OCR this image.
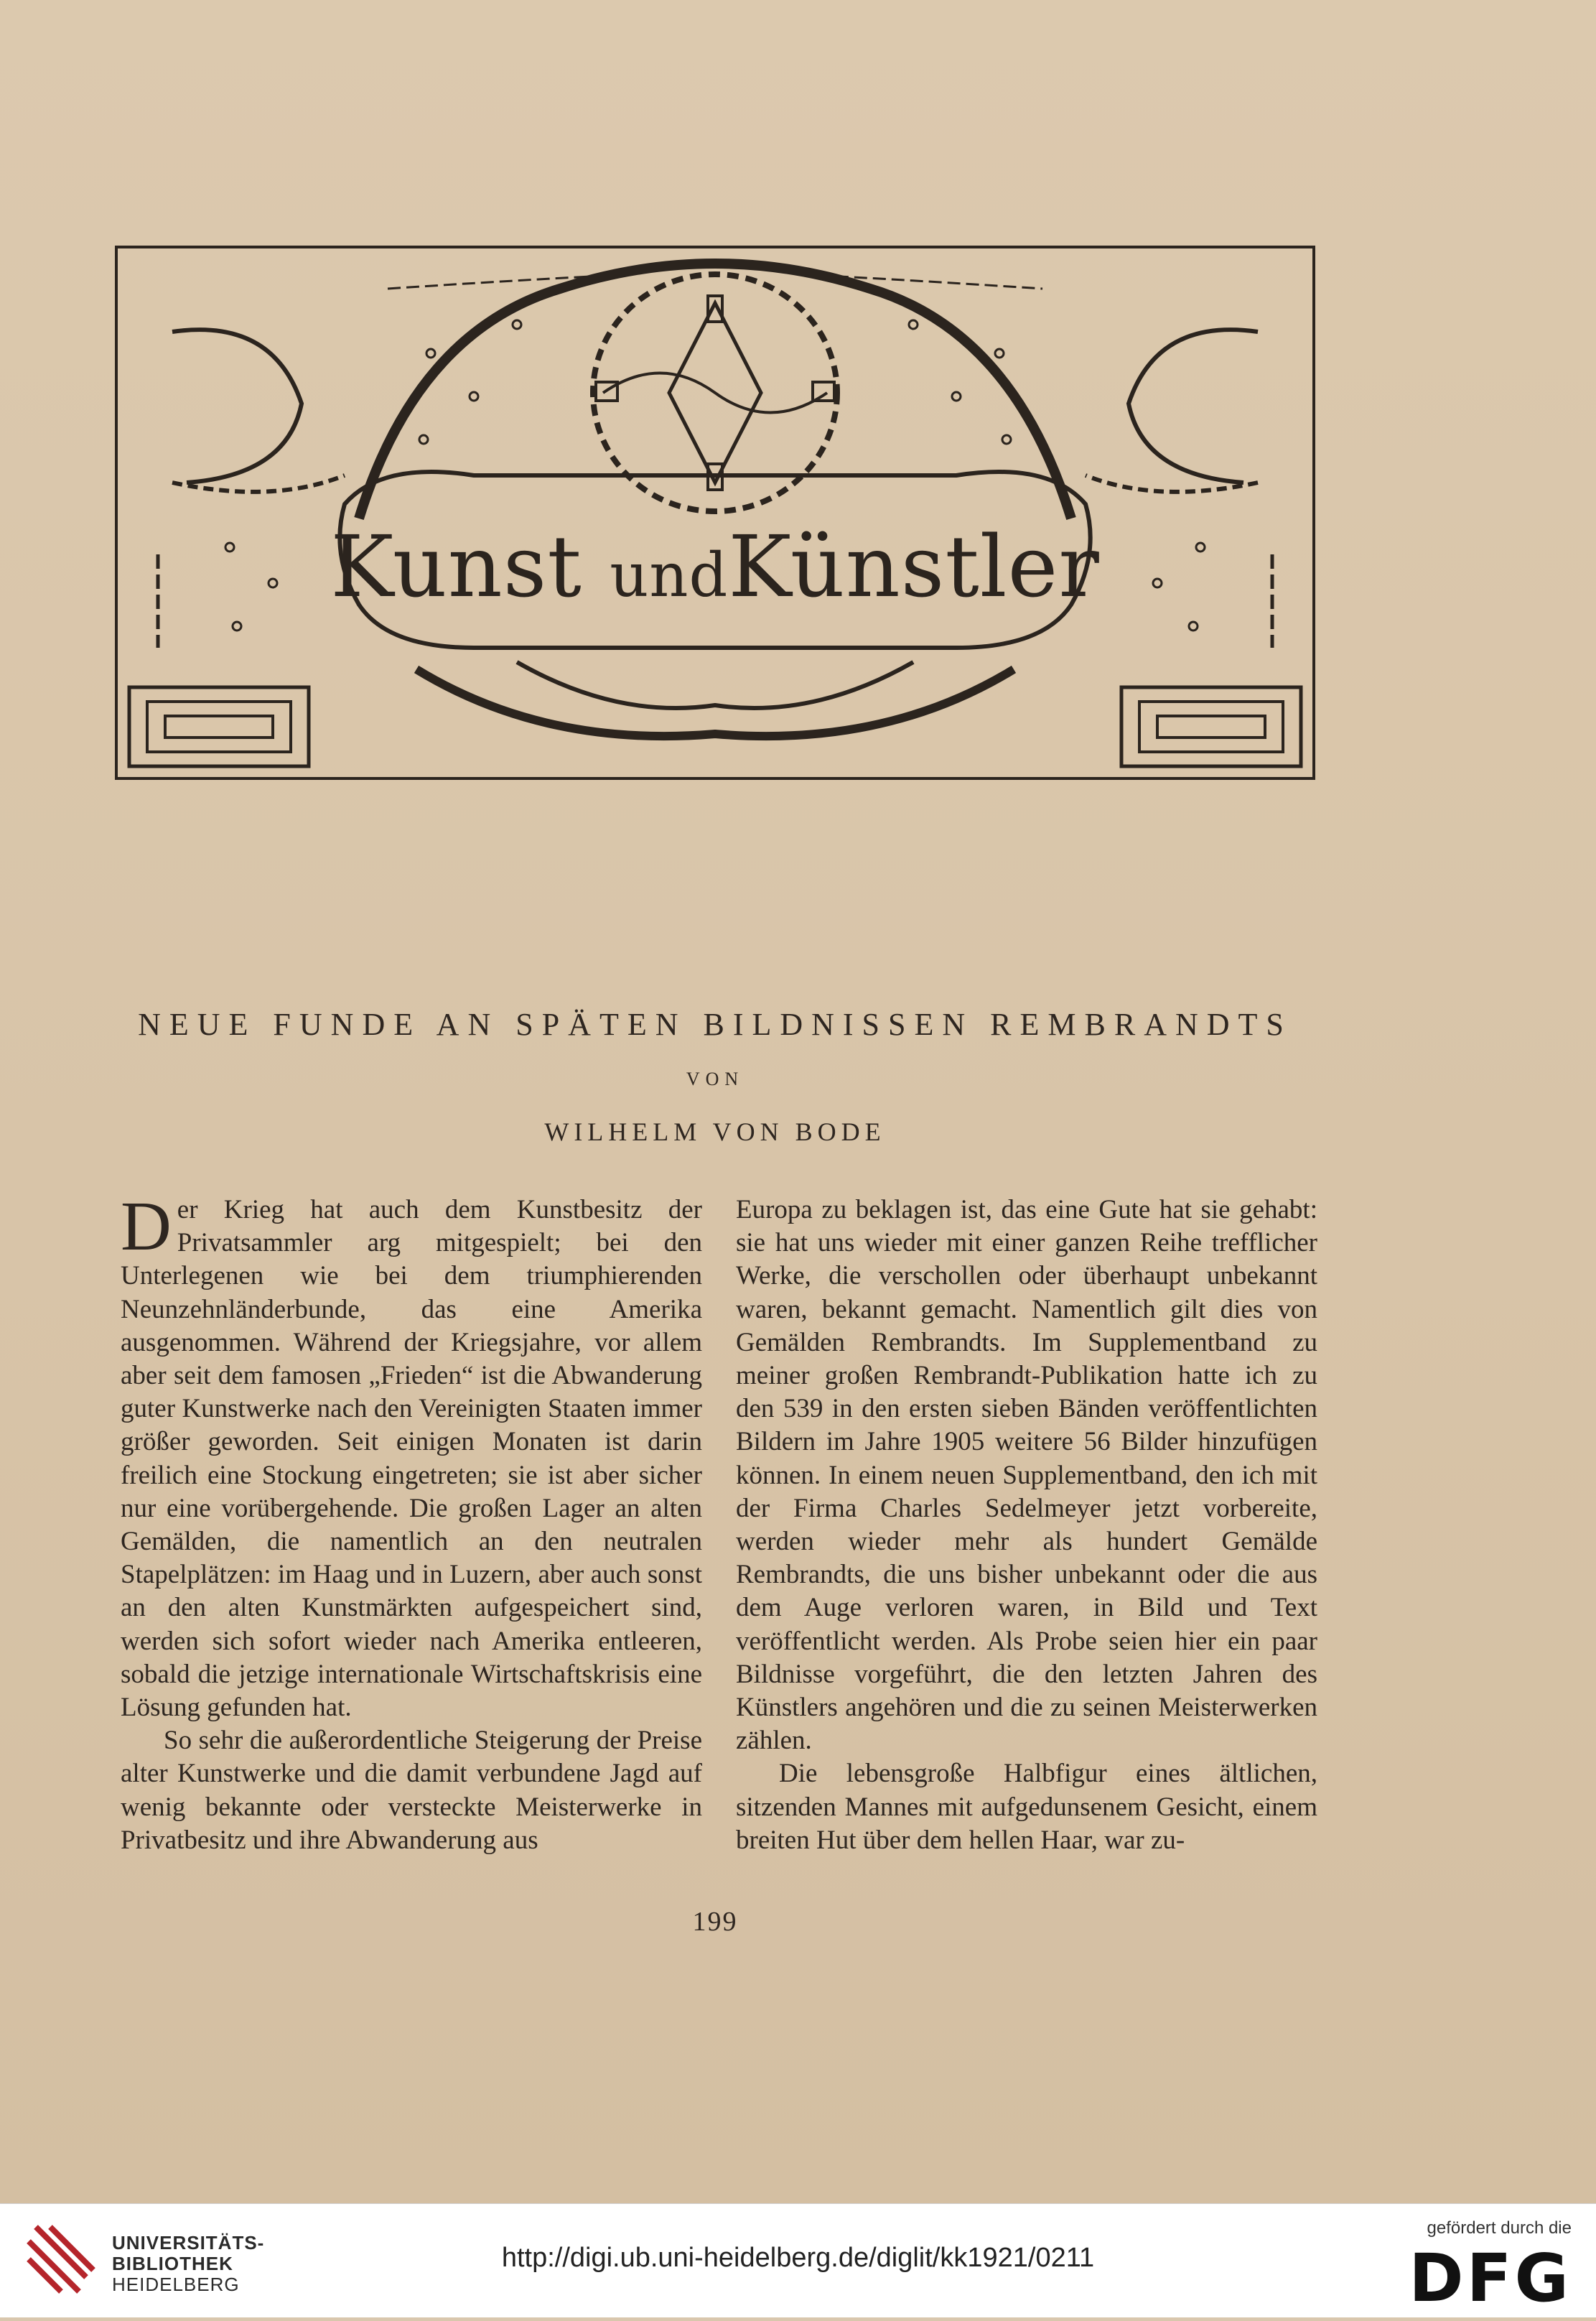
Kunst undKünstler
NEUE FUNDE AN SPÄTEN BILDNISSEN REMBRANDTS
VON
WILHELM VON BODE

Der Krieg hat auch dem Kunstbesitz der Privatsammler arg mitgespielt; bei den Unterlegenen wie bei dem triumphierenden Neunzehnländerbunde, das eine Amerika ausgenommen. Während der Kriegsjahre, vor allem aber seit dem famosen „Frieden“ ist die Abwanderung guter Kunstwerke nach den Vereinigten Staaten immer größer geworden. Seit einigen Monaten ist darin freilich eine Stockung eingetreten; sie ist aber sicher nur eine vorübergehende. Die großen Lager an alten Gemälden, die namentlich an den neutralen Stapelplätzen: im Haag und in Luzern, aber auch sonst an den alten Kunstmärkten aufgespeichert sind, werden sich sofort wieder nach Amerika entleeren, sobald die jetzige internationale Wirtschaftskrisis eine Lösung gefunden hat.

So sehr die außerordentliche Steigerung der Preise alter Kunstwerke und die damit verbundene Jagd auf wenig bekannte oder versteckte Meisterwerke in Privatbesitz und ihre Abwanderung aus

Europa zu beklagen ist, das eine Gute hat sie gehabt: sie hat uns wieder mit einer ganzen Reihe trefflicher Werke, die verschollen oder überhaupt unbekannt waren, bekannt gemacht. Namentlich gilt dies von Gemälden Rembrandts. Im Supplementband zu meiner großen Rembrandt-Publikation hatte ich zu den 539 in den ersten sieben Bänden veröffentlichten Bildern im Jahre 1905 weitere 56 Bilder hinzufügen können. In einem neuen Supplementband, den ich mit der Firma Charles Sedelmeyer jetzt vorbereite, werden wieder mehr als hundert Gemälde Rembrandts, die uns bisher unbekannt oder die aus dem Auge verloren waren, in Bild und Text veröffentlicht werden. Als Probe seien hier ein paar Bildnisse vorgeführt, die den letzten Jahren des Künstlers angehören und die zu seinen Meisterwerken zählen.

Die lebensgroße Halbfigur eines ältlichen, sitzenden Mannes mit aufgedunsenem Gesicht, einem breiten Hut über dem hellen Haar, war zu-

199
UNIVERSITÄTS-
BIBLIOTHEK
HEIDELBERG
http://digi.ub.uni-heidelberg.de/diglit/kk1921/0211
gefördert durch die
DFG
